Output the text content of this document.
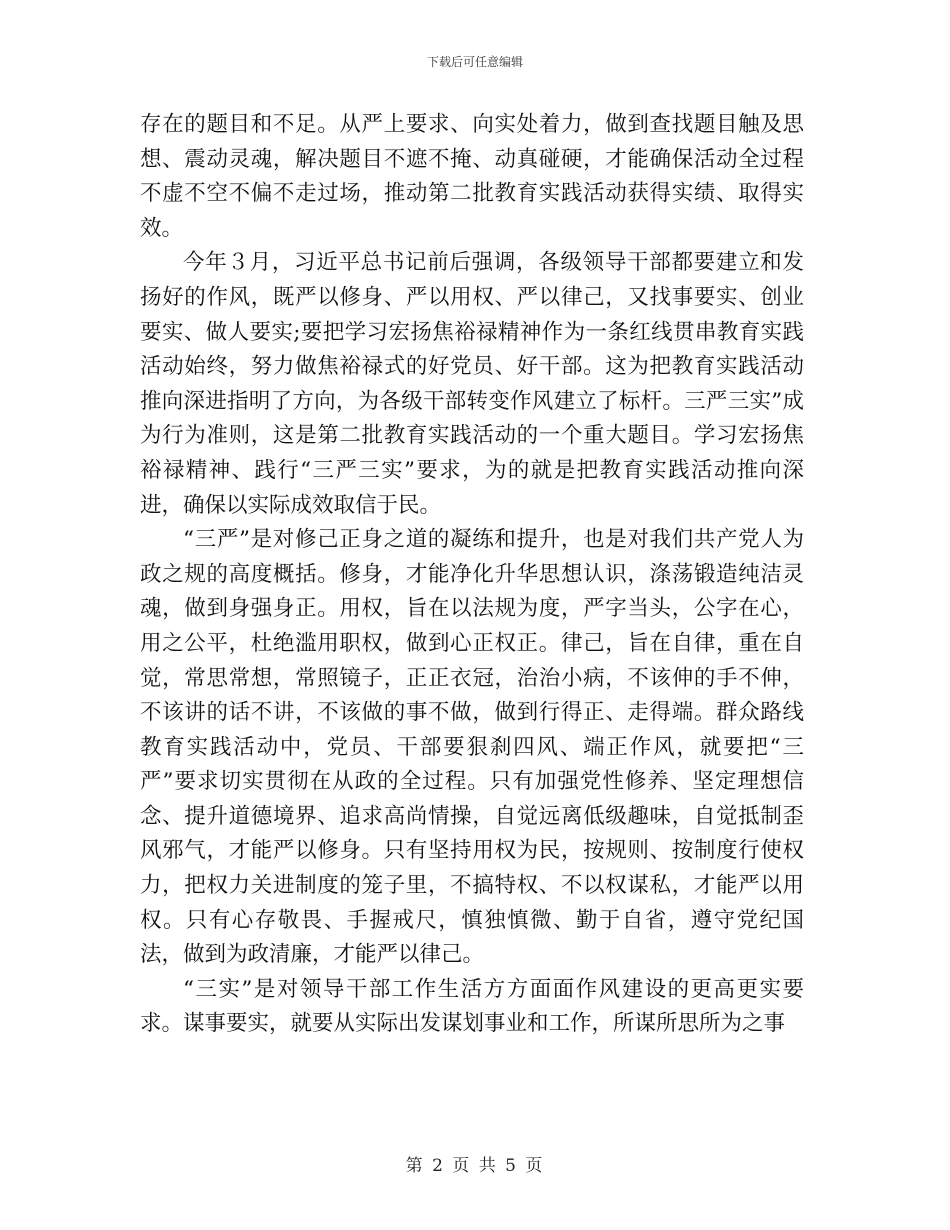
下载后可任意编辑

存在的题目和不足。从严上要求、向实处着力，做到查找题目触及思想、震动灵魂，解决题目不遮不掩、动真碰硬，才能确保活动全过程不虚不空不偏不走过场，推动第二批教育实践活动获得实绩、取得实效。

今年３月，习近平总书记前后强调，各级领导干部都要建立和发扬好的作风，既严以修身、严以用权、严以律己，又找事要实、创业要实、做人要实;要把学习宏扬焦裕禄精神作为一条红线贯串教育实践活动始终，努力做焦裕禄式的好党员、好干部。这为把教育实践活动推向深进指明了方向，为各级干部转变作风建立了标杆。三严三实”成为行为准则，这是第二批教育实践活动的一个重大题目。学习宏扬焦裕禄精神、践行“三严三实”要求，为的就是把教育实践活动推向深进，确保以实际成效取信于民。

“三严”是对修己正身之道的凝练和提升，也是对我们共产党人为政之规的高度概括。修身，才能净化升华思想认识，涤荡锻造纯洁灵魂，做到身强身正。用权，旨在以法规为度，严字当头，公字在心，用之公平，杜绝滥用职权，做到心正权正。律己，旨在自律，重在自觉，常思常想，常照镜子，正正衣冠，治治小病，不该伸的手不伸，不该讲的话不讲，不该做的事不做，做到行得正、走得端。群众路线教育实践活动中，党员、干部要狠刹四风、端正作风，就要把“三严”要求切实贯彻在从政的全过程。只有加强党性修养、坚定理想信念、提升道德境界、追求高尚情操，自觉远离低级趣味，自觉抵制歪风邪气，才能严以修身。只有坚持用权为民，按规则、按制度行使权力，把权力关进制度的笼子里，不搞特权、不以权谋私，才能严以用权。只有心存敬畏、手握戒尺，慎独慎微、勤于自省，遵守党纪国法，做到为政清廉，才能严以律己。

“三实”是对领导干部工作生活方方面面作风建设的更高更实要求。谋事要实，就要从实际出发谋划事业和工作，所谋所思所为之事

第 2 页 共 5 页
